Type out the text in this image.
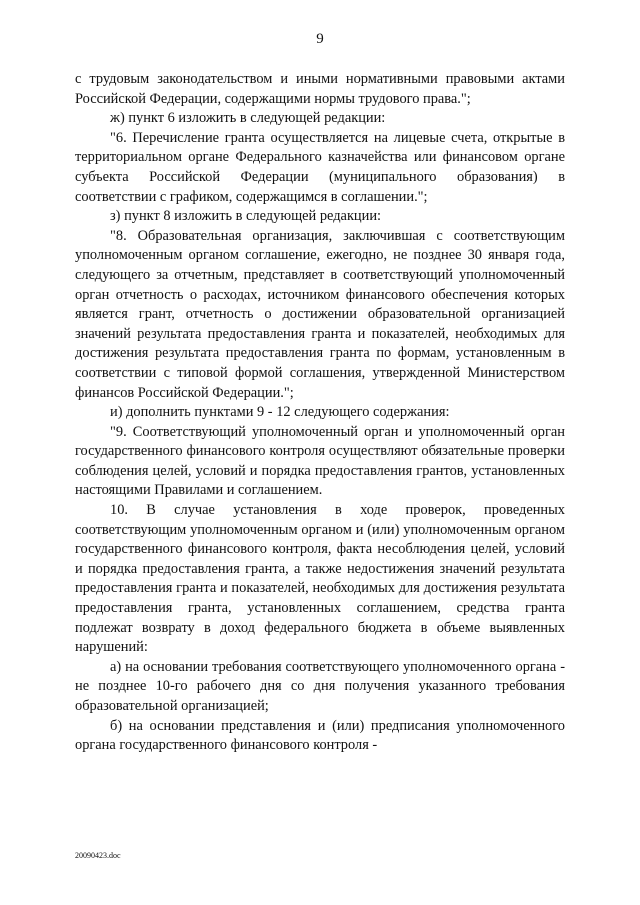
9

с трудовым законодательством и иными нормативными правовыми актами Российской Федерации, содержащими нормы трудового права.";

ж) пункт 6 изложить в следующей редакции:

"6. Перечисление гранта осуществляется на лицевые счета, открытые в территориальном органе Федерального казначейства или финансовом органе субъекта Российской Федерации (муниципального образования) в соответствии с графиком, содержащимся в соглашении.";

з) пункт 8 изложить в следующей редакции:

"8. Образовательная организация, заключившая с соответствующим уполномоченным органом соглашение, ежегодно, не позднее 30 января года, следующего за отчетным, представляет в соответствующий уполномоченный орган отчетность о расходах, источником финансового обеспечения которых является грант, отчетность о достижении образовательной организацией значений результата предоставления гранта и показателей, необходимых для достижения результата предоставления гранта по формам, установленным в соответствии с типовой формой соглашения, утвержденной Министерством финансов Российской Федерации.";

и) дополнить пунктами 9 - 12 следующего содержания:

"9. Соответствующий уполномоченный орган и уполномоченный орган государственного финансового контроля осуществляют обязательные проверки соблюдения целей, условий и порядка предоставления грантов, установленных настоящими Правилами и соглашением.

10. В случае установления в ходе проверок, проведенных соответствующим уполномоченным органом и (или) уполномоченным органом государственного финансового контроля, факта несоблюдения целей, условий и порядка предоставления гранта, а также недостижения значений результата предоставления гранта и показателей, необходимых для достижения результата предоставления гранта, установленных соглашением, средства гранта подлежат возврату в доход федерального бюджета в объеме выявленных нарушений:

а) на основании требования соответствующего уполномоченного органа - не позднее 10-го рабочего дня со дня получения указанного требования образовательной организацией;

б) на основании представления и (или) предписания уполномоченного органа государственного финансового контроля -

20090423.doc
